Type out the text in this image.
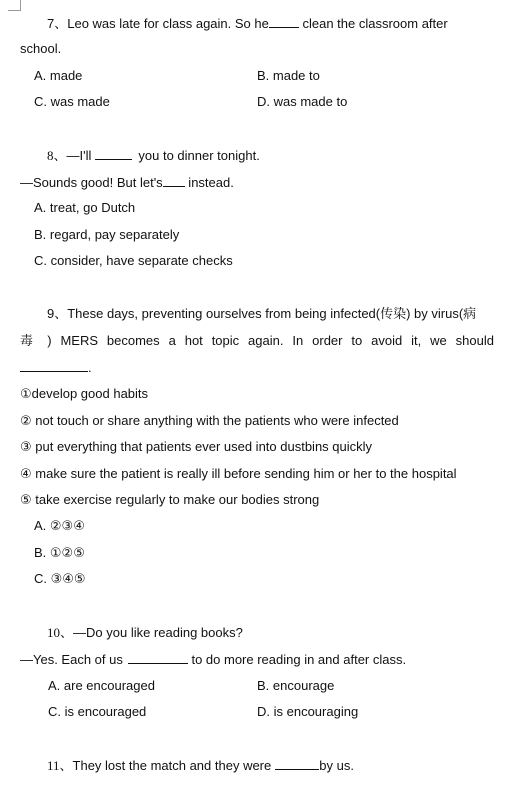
7、Leo was late for class again. So he clean the classroom after
school.
A. made	B. made to
C. was made	D. was made to
8、—I'll	you to dinner tonight.
—Sounds good! But let's instead.
A. treat, go Dutch
B. regard, pay separately
C. consider, have separate checks
9、These days, preventing ourselves from being infected(传染) by virus(病
毒 ) MERS becomes a hot topic again. In order to avoid it, we should
.
①develop good habits
② not touch or share anything with the patients who were infected
③ put everything that patients ever used into dustbins quickly
④ make sure the patient is really ill before sending him or her to the hospital
⑤ take exercise regularly to make our bodies strong
A. ②③④
B. ①②⑤
C. ③④⑤
10、—Do you like reading books?
—Yes. Each of us	to do more reading in and after class.
A. are encouraged	B. encourage
C. is encouraged	D. is encouraging
11、They lost the match and they were	by us.
